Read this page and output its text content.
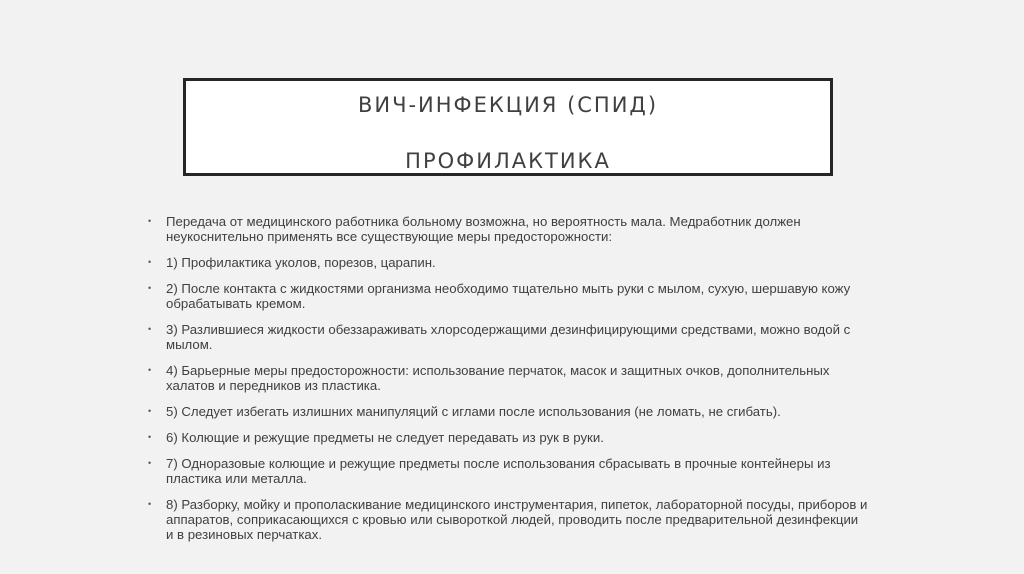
ВИЧ-ИНФЕКЦИЯ (СПИД)
ПРОФИЛАКТИКА
• Передача от медицинского работника больному возможна, но вероятность мала. Медработник должен неукоснительно применять все существующие меры предосторожности:
• 1) Профилактика уколов, порезов, царапин.
• 2) После контакта с жидкостями организма необходимо тщательно мыть руки с мылом, сухую, шершавую кожу обрабатывать кремом.
• 3) Разлившиеся жидкости обеззараживать хлорсодержащими дезинфицирующими средствами, можно водой с мылом.
• 4) Барьерные меры предосторожности: использование перчаток, масок и защитных очков, дополнительных халатов и передников из пластика.
• 5) Следует избегать излишних манипуляций с иглами после использования (не ломать, не сгибать).
• 6) Колющие и режущие предметы не следует передавать из рук в руки.
• 7) Одноразовые колющие и режущие предметы после использования сбрасывать в прочные контейнеры из пластика или металла.
• 8) Разборку, мойку и прополаскивание медицинского инструментария, пипеток, лабораторной посуды, приборов и аппаратов, соприкасающихся с кровью или сывороткой людей, проводить после предварительной дезинфекции и в резиновых перчатках.
